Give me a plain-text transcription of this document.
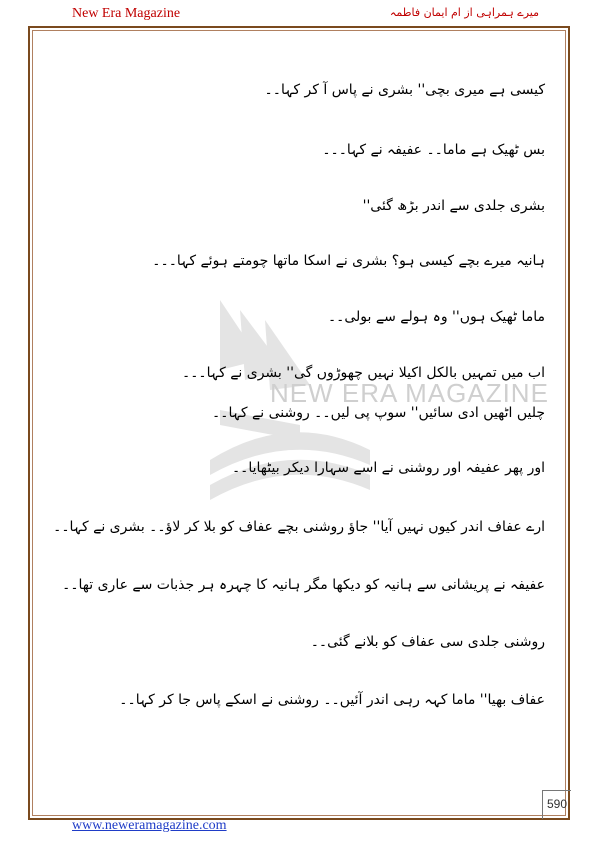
New Era Magazine	میرے ہمراہی از ام ایمان فاطمہ
NEW ERA MAGAZINE
کیسی ہے میری بچی'' بشری نے پاس آ کر کہا۔۔
بس ٹھیک ہے ماما۔۔ عفیفہ نے کہا۔۔۔
بشری جلدی سے اندر بڑھ گئی''
ہانیہ میرے بچے کیسی ہو؟ بشری نے اسکا ماتھا چومتے ہوئے کہا۔۔۔
ماما ٹھیک ہوں'' وہ ہولے سے بولی۔۔
اب میں تمہیں بالکل اکیلا نہیں چھوڑوں گی'' بشری نے کہا۔۔۔
چلیں اٹھیں ادی سائیں'' سوپ پی لیں۔۔ روشنی نے کہا۔۔
اور پھر عفیفہ اور روشنی نے اسے سہارا دیکر بیٹھایا۔۔
ارے عفاف اندر کیوں نہیں آیا'' جاؤ روشنی بچے عفاف کو بلا کر لاؤ۔۔ بشری نے کہا۔۔
عفیفہ نے پریشانی سے ہانیہ کو دیکھا مگر ہانیہ کا چہرہ ہر جذبات سے عاری تھا۔۔
روشنی جلدی سی عفاف کو بلانے گئی۔۔
عفاف بھیا'' ماما کہہ رہی اندر آئیں۔۔ روشنی نے اسکے پاس جا کر کہا۔۔
590
www.neweramagazine.com
